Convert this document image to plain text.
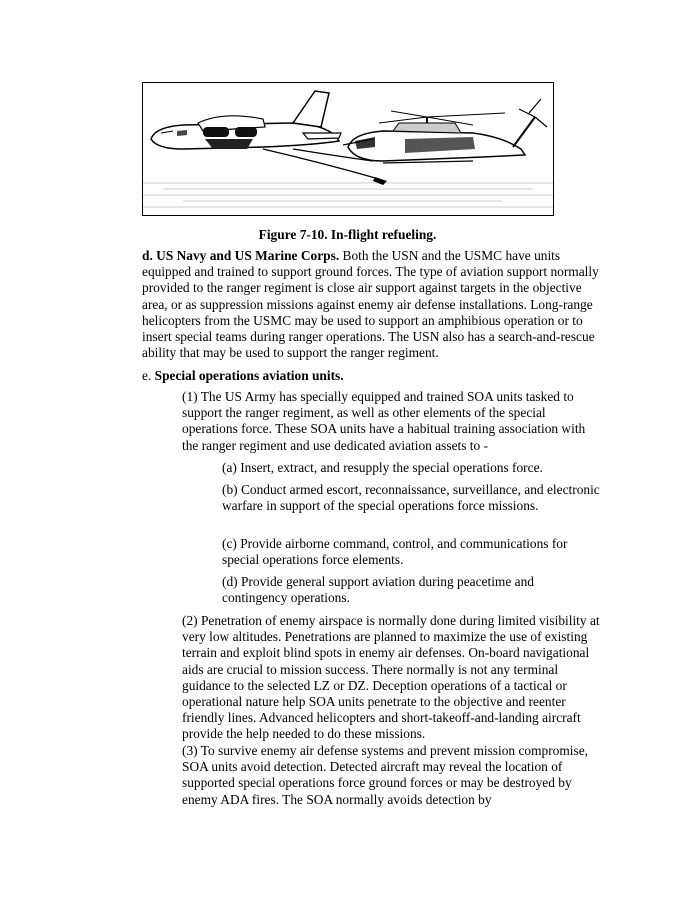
Figure 7-10. In-flight refueling.

d. US Navy and US Marine Corps. Both the USN and the USMC have units equipped and trained to support ground forces. The type of aviation support normally provided to the ranger regiment is close air support against targets in the objective area, or as suppression missions against enemy air defense installations. Long-range helicopters from the USMC may be used to support an amphibious operation or to insert special teams during ranger operations. The USN also has a search-and-rescue ability that may be used to support the ranger regiment.

e. Special operations aviation units.

(1) The US Army has specially equipped and trained SOA units tasked to support the ranger regiment, as well as other elements of the special operations force. These SOA units have a habitual training association with the ranger regiment and use dedicated aviation assets to -

(a) Insert, extract, and resupply the special operations force.

(b) Conduct armed escort, reconnaissance, surveillance, and electronic warfare in support of the special operations force missions.

(c) Provide airborne command, control, and communications for special operations force elements.

(d) Provide general support aviation during peacetime and contingency operations.

(2) Penetration of enemy airspace is normally done during limited visibility at very low altitudes. Penetrations are planned to maximize the use of existing terrain and exploit blind spots in enemy air defenses. On-board navigational aids are crucial to mission success. There normally is not any terminal guidance to the selected LZ or DZ. Deception operations of a tactical or operational nature help SOA units penetrate to the objective and reenter friendly lines. Advanced helicopters and short-takeoff-and-landing aircraft provide the help needed to do these missions.

(3) To survive enemy air defense systems and prevent mission compromise, SOA units avoid detection. Detected aircraft may reveal the location of supported special operations force ground forces or may be destroyed by enemy ADA fires. The SOA normally avoids detection by
